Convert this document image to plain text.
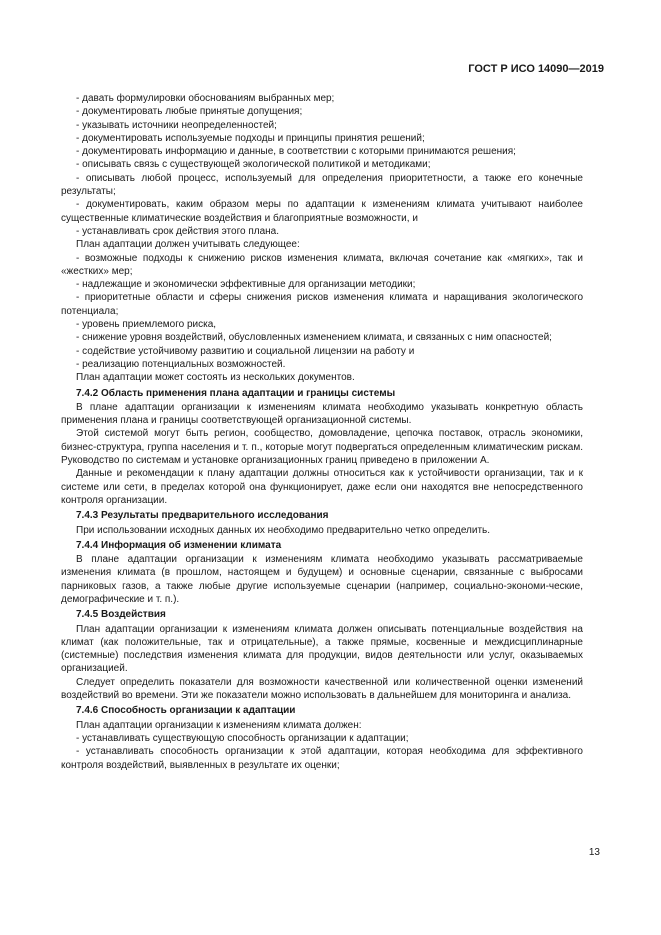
ГОСТ Р ИСО 14090—2019

- давать формулировки обоснованиям выбранных мер;

- документировать любые принятые допущения;

- указывать источники неопределенностей;

- документировать используемые подходы и принципы принятия решений;

- документировать информацию и данные, в соответствии с которыми принимаются решения;

- описывать связь с существующей экологической политикой и методиками;

- описывать любой процесс, используемый для определения приоритетности, а также его конечные результаты;

- документировать, каким образом меры по адаптации к изменениям климата учитывают наиболее существенные климатические воздействия и благоприятные возможности, и

- устанавливать срок действия этого плана.

План адаптации должен учитывать следующее:

- возможные подходы к снижению рисков изменения климата, включая сочетание как «мягких», так и «жестких» мер;

- надлежащие и экономически эффективные для организации методики;

- приоритетные области и сферы снижения рисков изменения климата и наращивания экологического потенциала;

- уровень приемлемого риска,

- снижение уровня воздействий, обусловленных изменением климата, и связанных с ним опасностей;

- содействие устойчивому развитию и социальной лицензии на работу и

- реализацию потенциальных возможностей.

План адаптации может состоять из нескольких документов.

7.4.2 Область применения плана адаптации и границы системы

В плане адаптации организации к изменениям климата необходимо указывать конкретную область применения плана и границы соответствующей организационной системы.

Этой системой могут быть регион, сообщество, домовладение, цепочка поставок, отрасль экономики, бизнес-структура, группа населения и т. п., которые могут подвергаться определенным климатическим рискам. Руководство по системам и установке организационных границ приведено в приложении А.

Данные и рекомендации к плану адаптации должны относиться как к устойчивости организации, так и к системе или сети, в пределах которой она функционирует, даже если они находятся вне непосредственного контроля организации.

7.4.3 Результаты предварительного исследования

При использовании исходных данных их необходимо предварительно четко определить.

7.4.4 Информация об изменении климата

В плане адаптации организации к изменениям климата необходимо указывать рассматриваемые изменения климата (в прошлом, настоящем и будущем) и основные сценарии, связанные с выбросами парниковых газов, а также любые другие используемые сценарии (например, социально-экономи-ческие, демографические и т. п.).

7.4.5 Воздействия

План адаптации организации к изменениям климата должен описывать потенциальные воздействия на климат (как положительные, так и отрицательные), а также прямые, косвенные и междисциплинарные (системные) последствия изменения климата для продукции, видов деятельности или услуг, оказываемых организацией.

Следует определить показатели для возможности качественной или количественной оценки изменений воздействий во времени. Эти же показатели можно использовать в дальнейшем для мониторинга и анализа.

7.4.6 Способность организации к адаптации

План адаптации организации к изменениям климата должен:

- устанавливать существующую способность организации к адаптации;

- устанавливать способность организации к этой адаптации, которая необходима для эффективного контроля воздействий, выявленных в результате их оценки;

13
